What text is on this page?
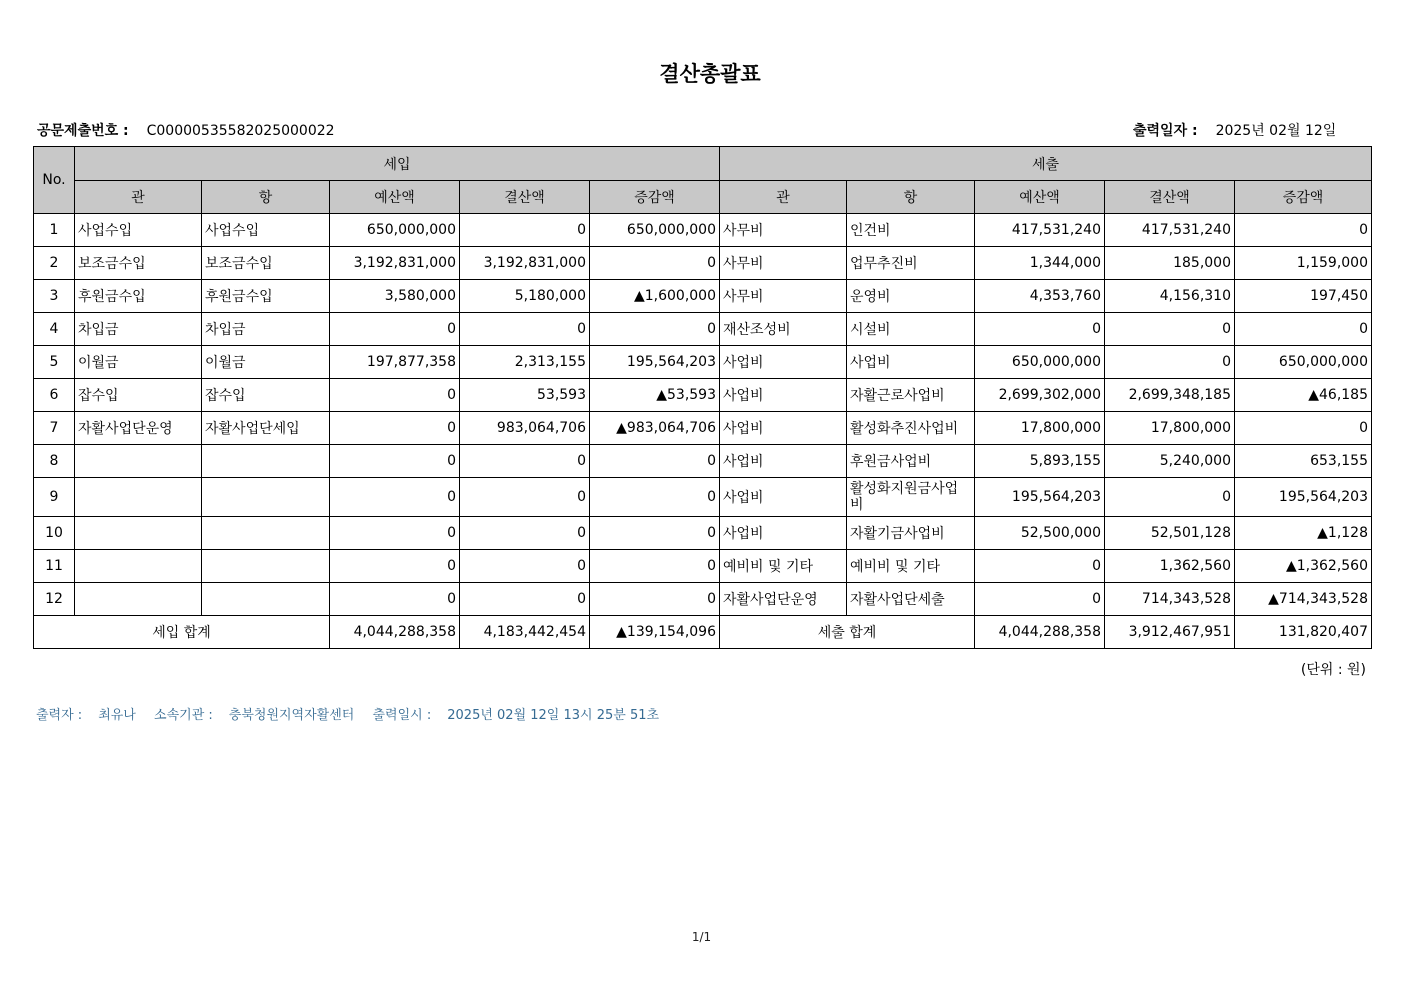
결산총괄표
공문제출번호 : C00000535582025000022	출력일자 : 2025년 02월 12일
No.	세입					세출				
	관	항	예산액	결산액	증감액	관	항	예산액	결산액	증감액
1	사업수입	사업수입	650,000,000	0	650,000,000	사무비	인건비	417,531,240	417,531,240	0
2	보조금수입	보조금수입	3,192,831,000	3,192,831,000	0	사무비	업무추진비	1,344,000	185,000	1,159,000
3	후원금수입	후원금수입	3,580,000	5,180,000	▲1,600,000	사무비	운영비	4,353,760	4,156,310	197,450
4	차입금	차입금	0	0	0	재산조성비	시설비	0	0	0
5	이월금	이월금	197,877,358	2,313,155	195,564,203	사업비	사업비	650,000,000	0	650,000,000
6	잡수입	잡수입	0	53,593	▲53,593	사업비	자활근로사업비	2,699,302,000	2,699,348,185	▲46,185
7	자활사업단운영	자활사업단세입	0	983,064,706	▲983,064,706	사업비	활성화추진사업비	17,800,000	17,800,000	0
8			0	0	0	사업비	후원금사업비	5,893,155	5,240,000	653,155
9			0	0	0	사업비	활성화지원금사업비	195,564,203	0	195,564,203
10			0	0	0	사업비	자활기금사업비	52,500,000	52,501,128	▲1,128
11			0	0	0	예비비 및 기타	예비비 및 기타	0	1,362,560	▲1,362,560
12			0	0	0	자활사업단운영	자활사업단세출	0	714,343,528	▲714,343,528
세입 합계			4,044,288,358	4,183,442,454	▲139,154,096	세출 합계		4,044,288,358	3,912,467,951	131,820,407
(단위 : 원)
출력자 : 최유나 소속기관 : 충북청원지역자활센터 출력일시 : 2025년 02월 12일 13시 25분 51초
1/1
